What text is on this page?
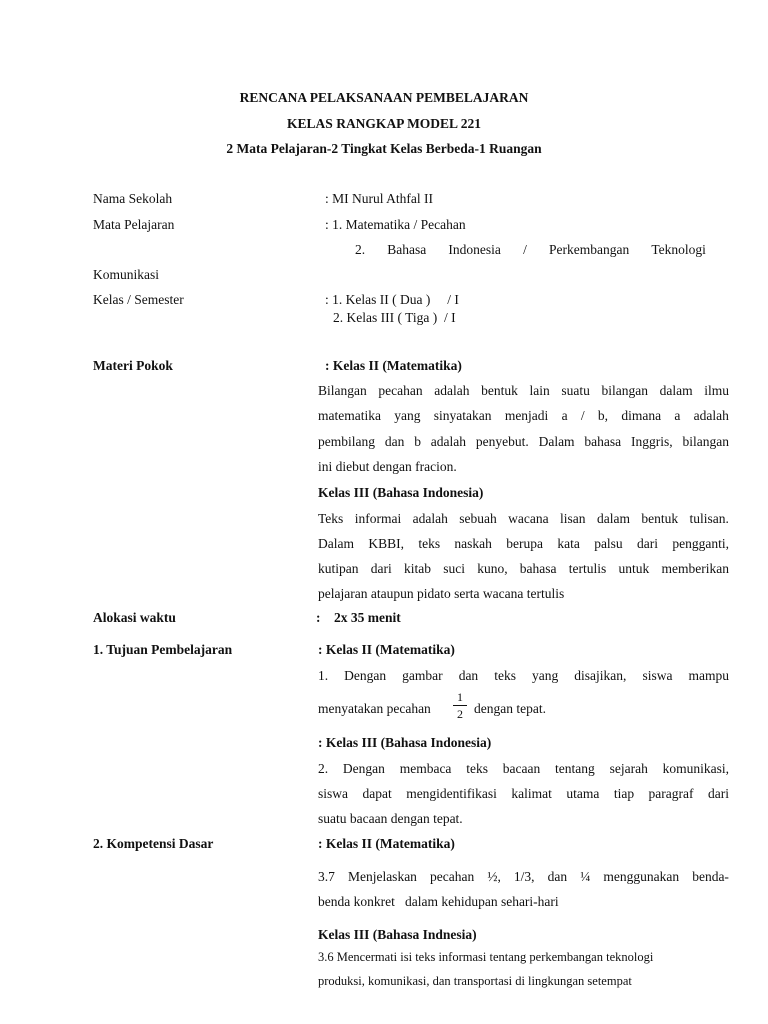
RENCANA PELAKSANAAN PEMBELAJARAN
KELAS RANGKAP MODEL 221
2 Mata Pelajaran-2 Tingkat Kelas Berbeda-1 Ruangan
Nama Sekolah	: MI Nurul Athfal II
Mata Pelajaran	: 1. Matematika / Pecahan
2. Bahasa Indonesia / Perkembangan Teknologi
Komunikasi
Kelas / Semester	: 1. Kelas II ( Dua )     / I
2. Kelas III ( Tiga )  / I
Materi Pokok	: Kelas II (Matematika)
Bilangan pecahan adalah bentuk lain suatu bilangan dalam ilmu
matematika yang sinyatakan menjadi a / b, dimana a adalah
pembilang dan b adalah penyebut. Dalam bahasa Inggris, bilangan
ini diebut dengan fracion.
Kelas III (Bahasa Indonesia)
Teks informai adalah sebuah wacana lisan dalam bentuk tulisan.
Dalam KBBI, teks naskah berupa kata palsu dari pengganti,
kutipan dari kitab suci kuno, bahasa tertulis untuk memberikan
pelajaran ataupun pidato serta wacana tertulis
Alokasi waktu	:    2x 35 menit
1. Tujuan Pembelajaran	: Kelas II (Matematika)
1. Dengan gambar dan teks yang disajikan, siswa mampu
menyatakan pecahan
1
2 dengan tepat.
: Kelas III (Bahasa Indonesia)
2. Dengan membaca teks bacaan tentang sejarah komunikasi,
siswa dapat mengidentifikasi kalimat utama tiap paragraf dari
suatu bacaan dengan tepat.
2. Kompetensi Dasar	: Kelas II (Matematika)
3.7 Menjelaskan pecahan ½, 1/3, dan ¼ menggunakan benda-
benda konkret   dalam kehidupan sehari-hari
Kelas III (Bahasa Indnesia)
3.6 Mencermati isi teks informasi tentang perkembangan teknologi
produksi, komunikasi, dan transportasi di lingkungan setempat
